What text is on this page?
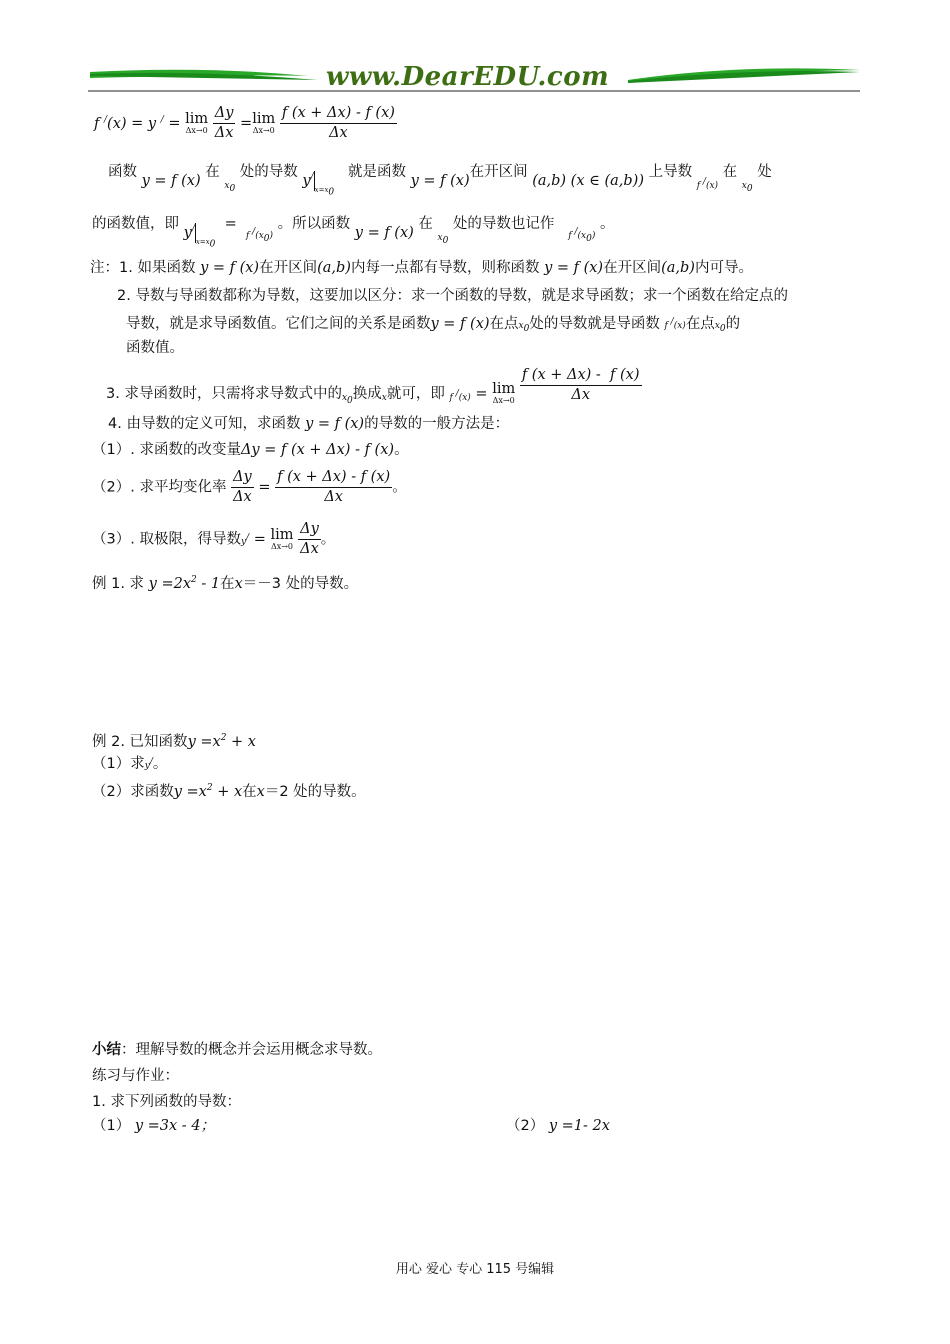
www.DearEDU.com
f /(x) = y / = lim
Δx→0
$\frac{\Delta y}{\Delta x} = \lim$
Δx→0
$\frac{f (x + \Delta x) - f (x)}{\Delta x}$
函数 y = f (x) 在 $_{x_0}$ 处的导数 $y^/_{x=x_0}$   就是函数 y = f (x)在开区间 (a,b) (x ∈ (a,b)) 上导数 $_{f ^/(x)}$ 在 $_{x_0}$ 处
的函数值，即 $y^/_{x=x_0} = _{f ^/(x_0)}$ 。所以函数 y = f (x) 在 $_{x_0}$ 处的导数也记作   $_{f ^/(x_0)}$ 。
注：1. 如果函数 y = f (x)在开区间(a,b)内每一点都有导数，则称函数 y = f (x)在开区间(a,b)内可导。
2. 导数与导函数都称为导数，这要加以区分：求一个函数的导数，就是求导函数；求一个函数在给定点的
导数，就是求导函数值。它们之间的关系是函数y = f (x)在点$x_0$处的导数就是导函数 f /(x)在点$x_0$的
函数值。
3. 求导函数时，只需将求导数式中的$_{x_0}$换成$_x$就可，即 $_{f ^/(x)}$ = lim
Δx→0
$\frac{f (x + \Delta x) - f (x)}{\Delta x}$
4. 由导数的定义可知，求函数 y = f (x)的导数的一般方法是：
（1）. 求函数的改变量Δy = f (x + Δx) - f (x)。
（2）. 求平均变化率 $\frac{\Delta y}{\Delta x} = \frac{f (x + \Delta x) - f (x)}{\Delta x}$ 。
（3）. 取极限，得导数y/ = lim
Δx→0
$\frac{\Delta y}{\Delta x}$ 。
例 1. 求 $y =2x^2 - 1$在x＝－3 处的导数。
例 2. 已知函数$y =x^2 + x$
（1）求y/。
（2）求函数$y =x^2 + x$在x＝2 处的导数。
小结：理解导数的概念并会运用概念求导数。
练习与作业：
1. 求下列函数的导数：
（1） y =3x - 4；	（2） y =1- 2x
用心 爱心 专心 115 号编辑
